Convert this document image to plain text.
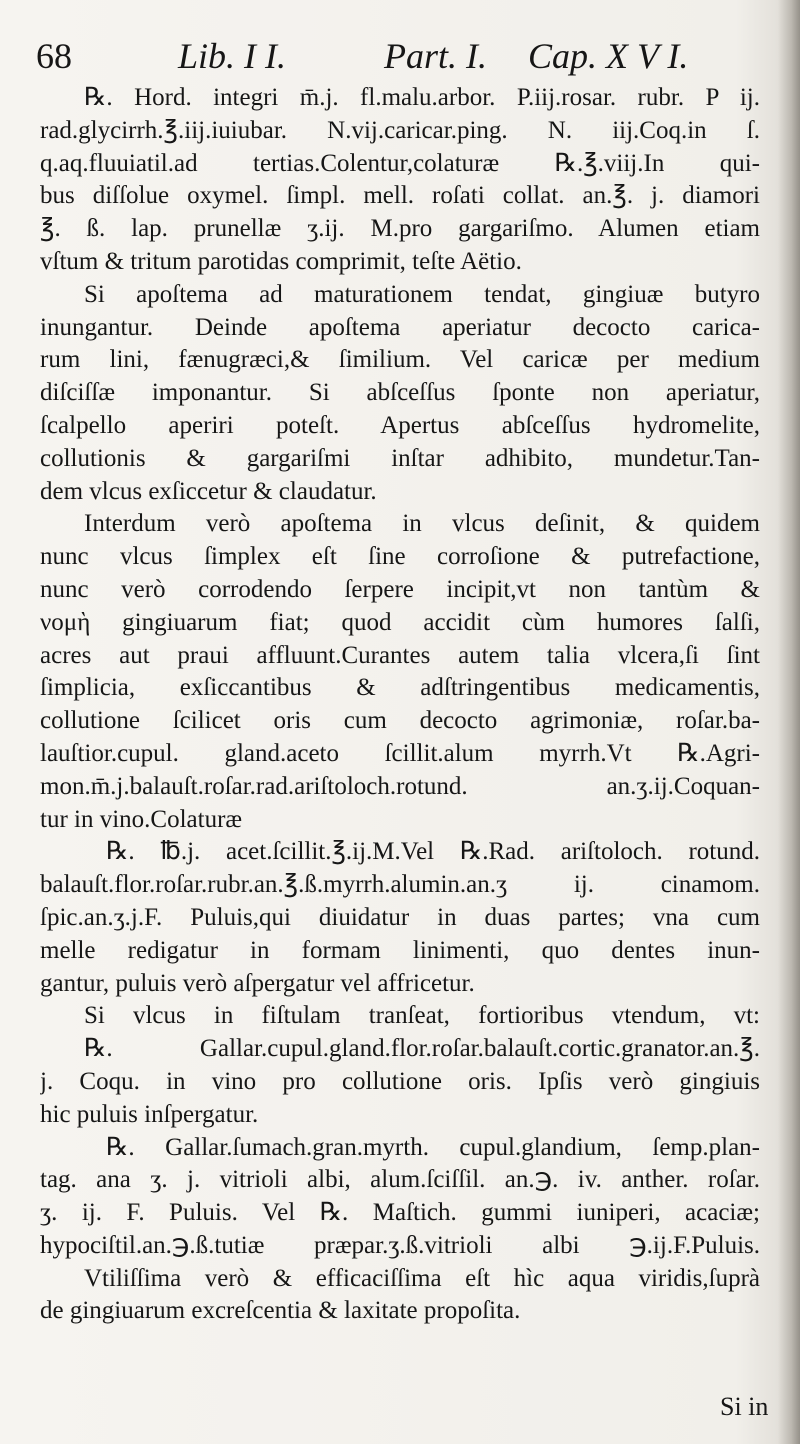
68	Lib. I I.	Part. I. Cap. X V I.
℞. Hord. integri m̄.j. fl.malu.arbor. P.iij.rosar. rubr. P ij.
rad.glycirrh.℥.iij.iuiubar. N.vij.caricar.ping. N. iij.Coq.in ſ.
q.aq.fluuiatil.ad tertias.Colentur,colaturæ ℞.℥.viij.In qui-
bus diſſolue oxymel. ſimpl. mell. roſati collat. an.℥. j. diamori
℥. ß. lap. prunellæ ʒ.ij. M.pro gargariſmo. Alumen etiam
vſtum & tritum parotidas comprimit, teſte Aëtio.
Si apoſtema ad maturationem tendat, gingiuæ butyro
inungantur. Deinde apoſtema aperiatur decocto carica-
rum lini, fænugræci,& ſimilium. Vel caricæ per medium
diſciſſæ imponantur. Si abſceſſus ſponte non aperiatur,
ſcalpello aperiri poteſt. Apertus abſceſſus hydromelite,
collutionis & gargariſmi inſtar adhibito, mundetur.Tan-
dem vlcus exſiccetur & claudatur.
Interdum verò apoſtema in vlcus deſinit, & quidem
nunc vlcus ſimplex eſt ſine corroſione & putrefactione,
nunc verò corrodendo ſerpere incipit,vt non tantùm &
νομὴ gingiuarum fiat; quod accidit cùm humores ſalſi,
acres aut praui affluunt.Curantes autem talia vlcera,ſi ſint
ſimplicia, exſiccantibus & adſtringentibus medicamentis,
collutione ſcilicet oris cum decocto agrimoniæ, roſar.ba-
lauſtior.cupul. gland.aceto ſcillit.alum myrrh.Vt ℞.Agri-
mon.m̄.j.balauſt.roſar.rad.ariſtoloch.rotund. an.ʒ.ij.Coquan-
tur in vino.Colaturæ
℞. ℔.j. acet.ſcillit.℥.ij.M.Vel ℞.Rad. ariſtoloch. rotund.
balauſt.flor.roſar.rubr.an.℥.ß.myrrh.alumin.an.ʒ ij. cinamom.
ſpic.an.ʒ.j.F. Puluis,qui diuidatur in duas partes; vna cum
melle redigatur in formam linimenti, quo dentes inun-
gantur, puluis verò aſpergatur vel affricetur.
Si vlcus in fiſtulam tranſeat, fortioribus vtendum, vt:
℞. Gallar.cupul.gland.flor.roſar.balauſt.cortic.granator.an.℥.
j. Coqu. in vino pro collutione oris. Ipſis verò gingiuis
hic puluis inſpergatur.
℞. Gallar.ſumach.gran.myrth. cupul.glandium, ſemp.plan-
tag. ana ʒ. j. vitrioli albi, alum.ſciſſil. an.℈. iv. anther. roſar.
ʒ. ij. F. Puluis. Vel ℞. Maſtich. gummi iuniperi, acaciæ;
hypociſtil.an.℈.ß.tutiæ præpar.ʒ.ß.vitrioli albi ℈.ij.F.Puluis.
Vtiliſſima verò & efficaciſſima eſt hìc aqua viridis,ſuprà
de gingiuarum excreſcentia & laxitate propoſita.
Si in
